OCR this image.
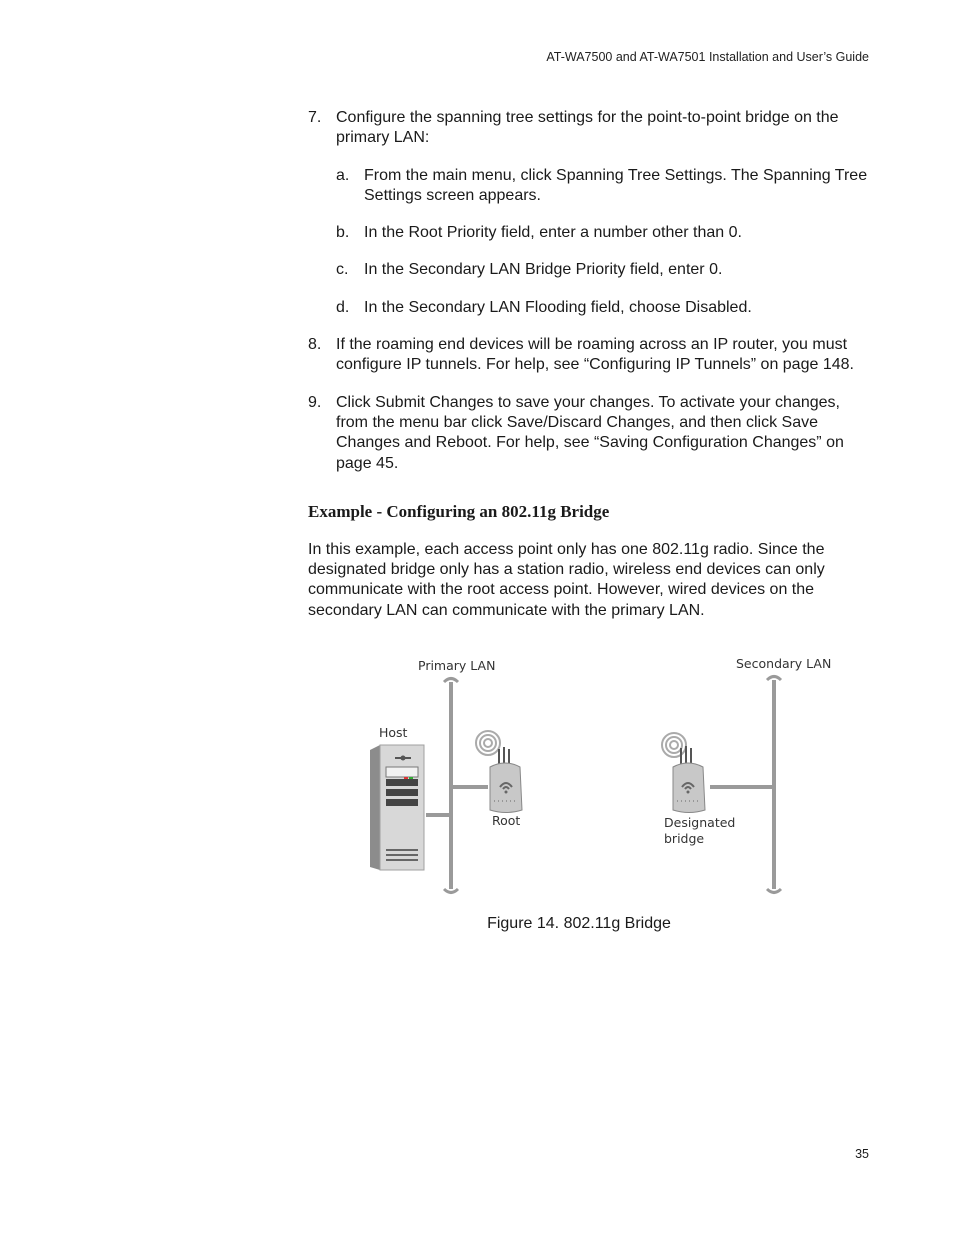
AT-WA7500 and AT-WA7501 Installation and User’s Guide
7. Configure the spanning tree settings for the point-to-point bridge on the primary LAN:
a. From the main menu, click Spanning Tree Settings. The Spanning Tree Settings screen appears.
b. In the Root Priority field, enter a number other than 0.
c. In the Secondary LAN Bridge Priority field, enter 0.
d. In the Secondary LAN Flooding field, choose Disabled.
8. If the roaming end devices will be roaming across an IP router, you must configure IP tunnels. For help, see “Configuring IP Tunnels” on page 148.
9. Click Submit Changes to save your changes. To activate your changes, from the menu bar click Save/Discard Changes, and then click Save Changes and Reboot. For help, see “Saving Configuration Changes” on page 45.
Example - Configuring an 802.11g Bridge
In this example, each access point only has one 802.11g radio. Since the designated bridge only has a station radio, wireless end devices can only communicate with the root access point. However, wired devices on the secondary LAN can communicate with the primary LAN.
Primary LAN	Secondary LAN
Host
Root	Designated
bridge
Figure 14. 802.11g Bridge
35
